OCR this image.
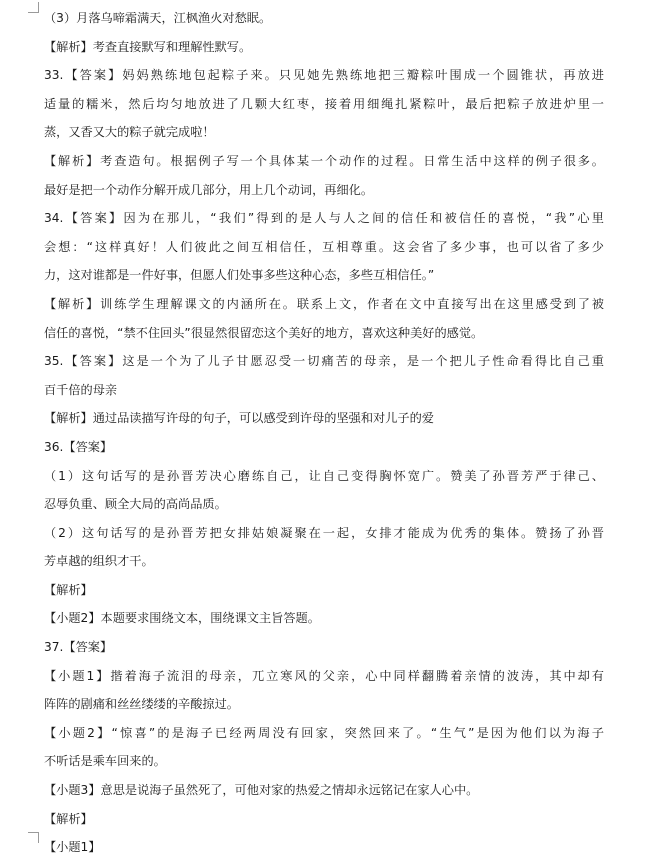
（3）月落乌啼霜满天，江枫渔火对愁眠。

【解析】考查直接默写和理解性默写。

33.【答案】妈妈熟练地包起粽子来。只见她先熟练地把三瓣粽叶围成一个圆锥状，再放进

适量的糯米，然后均匀地放进了几颗大红枣，接着用细绳扎紧粽叶，最后把粽子放进炉里一

蒸，又香又大的粽子就完成啦！

【解析】考查造句。根据例子写一个具体某一个动作的过程。日常生活中这样的例子很多。

最好是把一个动作分解开成几部分，用上几个动词，再细化。

34.【答案】因为在那儿，“我们”得到的是人与人之间的信任和被信任的喜悦，“我”心里

会想：“这样真好！人们彼此之间互相信任，互相尊重。这会省了多少事，也可以省了多少

力，这对谁都是一件好事，但愿人们处事多些这种心态，多些互相信任。”

【解析】训练学生理解课文的内涵所在。联系上文，作者在文中直接写出在这里感受到了被

信任的喜悦，“禁不住回头”很显然很留恋这个美好的地方，喜欢这种美好的感觉。

35.【答案】这是一个为了儿子甘愿忍受一切痛苦的母亲，是一个把儿子性命看得比自己重

百千倍的母亲

【解析】通过品读描写许母的句子，可以感受到许母的坚强和对儿子的爱

36.【答案】

（1）这句话写的是孙晋芳决心磨练自己，让自己变得胸怀宽广。赞美了孙晋芳严于律己、

忍辱负重、顾全大局的高尚品质。

（2）这句话写的是孙晋芳把女排姑娘凝聚在一起，女排才能成为优秀的集体。赞扬了孙晋

芳卓越的组织才干。

【解析】

【小题2】本题要求围绕文本，围绕课文主旨答题。

37.【答案】

【小题1】揩着海子流泪的母亲，兀立寒风的父亲，心中同样翻腾着亲情的波涛，其中却有

阵阵的剧痛和丝丝缕缕的辛酸掠过。

【小题2】“惊喜”的是海子已经两周没有回家，突然回来了。“生气”是因为他们以为海子

不听话是乘车回来的。

【小题3】意思是说海子虽然死了，可他对家的热爱之情却永远铭记在家人心中。

【解析】

【小题1】
